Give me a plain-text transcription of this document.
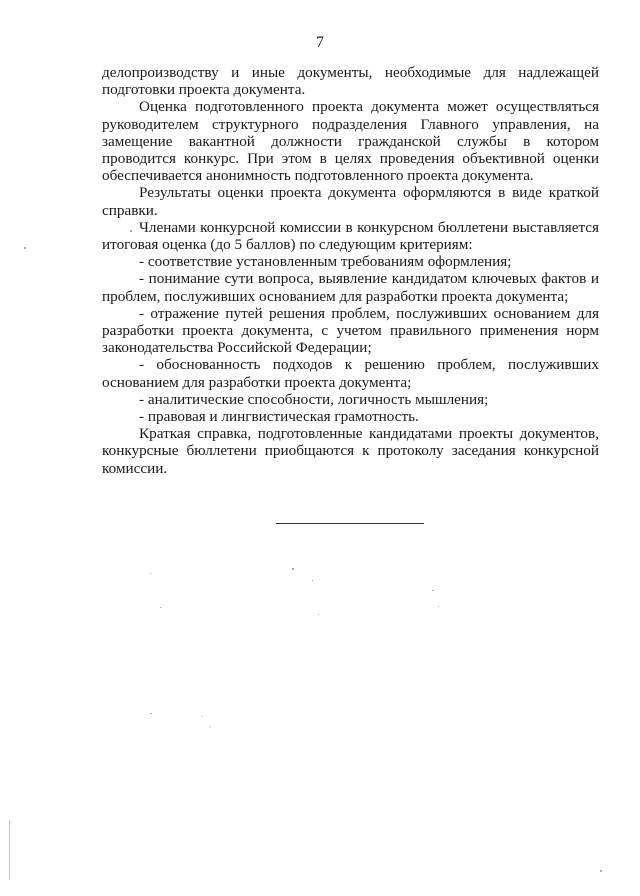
7

делопроизводству и иные документы, необходимые для надлежащей подготовки проекта документа.

Оценка подготовленного проекта документа может осуществляться руководителем структурного подразделения Главного управления, на замещение вакантной должности гражданской службы в котором проводится конкурс. При этом в целях проведения объективной оценки обеспечивается анонимность подготовленного проекта документа.

Результаты оценки проекта документа оформляются в виде краткой справки.

Членами конкурсной комиссии в конкурсном бюллетени выставляется итоговая оценка (до 5 баллов) по следующим критериям:

- соответствие установленным требованиям оформления;

- понимание сути вопроса, выявление кандидатом ключевых фактов и проблем, послуживших основанием для разработки проекта документа;

- отражение путей решения проблем, послуживших основанием для разработки проекта документа, с учетом правильного применения норм законодательства Российской Федерации;

- обоснованность подходов к решению проблем, послуживших основанием для разработки проекта документа;

- аналитические способности, логичность мышления;

- правовая и лингвистическая грамотность.

Краткая справка, подготовленные кандидатами проекты документов, конкурсные бюллетени приобщаются к протоколу заседания конкурсной комиссии.
